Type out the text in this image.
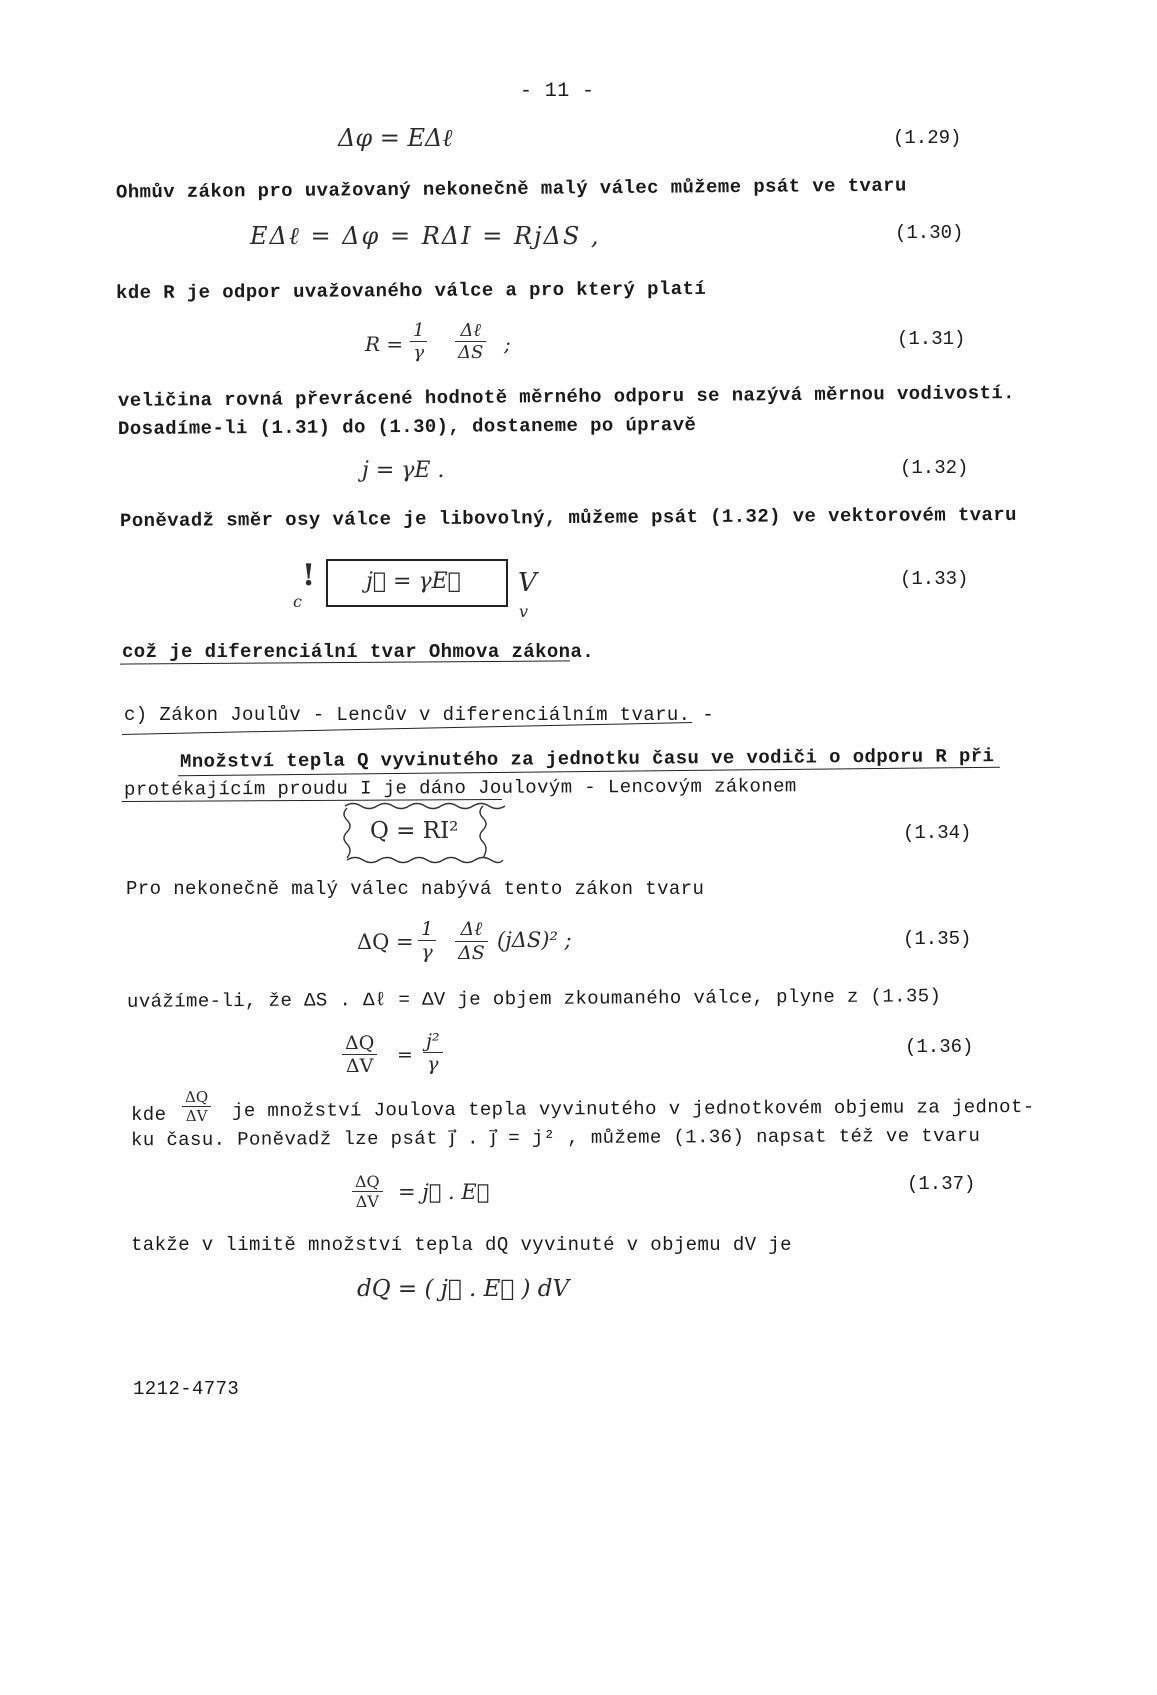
- 11 -
Δφ = EΔℓ	(1.29)
Ohmův zákon pro uvažovaný nekonečně malý válec můžeme psát ve tvaru
EΔℓ = Δφ = RΔI = RjΔS ,	(1.30)
kde R je odpor uvažovaného válce a pro který platí
$R = \frac{1}{\gamma}$	Δℓ
ΔS ;	(1.31)
veličina rovná převrácené hodnotě měrného odporu se nazývá měrnou vodivostí.
Dosadíme-li (1.31) do (1.30), dostaneme po úpravě
j = γE .	(1.32)
Poněvadž směr osy válce je libovolný, můžeme psát (1.32) ve vektorovém tvaru
!
c
j⃗ = γE⃗ V
v
(1.33)
což je diferenciální tvar Ohmova zákona.
c) Zákon Joulův - Lencův v diferenciálním tvaru. -
Množství tepla Q vyvinutého za jednotku času ve vodiči o odporu R při
protékajícím proudu I je dáno Joulovým - Lencovým zákonem
Q = RI²	(1.34)
Pro nekonečně malý válec nabývá tento zákon tvaru
$\Delta Q = \frac{1}{\gamma}$ Δℓ
ΔS
(jΔS)² ;	(1.35)
uvážíme-li, že ΔS . Δℓ = ΔV je objem zkoumaného válce, plyne z (1.35)
$\frac{\Delta Q}{\Delta V} = \frac{\text{j²}}{\gamma}$	(1.36)
kde $\frac{\Delta Q}{\Delta V}$ je množství Joulova tepla vyvinutého v jednotkovém objemu za jednot-
ku času. Poněvadž lze psát j⃗ . j⃗ = j² , můžeme (1.36) napsat též ve tvaru
$\frac{\Delta Q}{\Delta V}$ = j⃗ . E⃗	(1.37)
takže v limitě množství tepla dQ vyvinuté v objemu dV je
dQ = ( j⃗ . E⃗ ) dV
1212-4773
